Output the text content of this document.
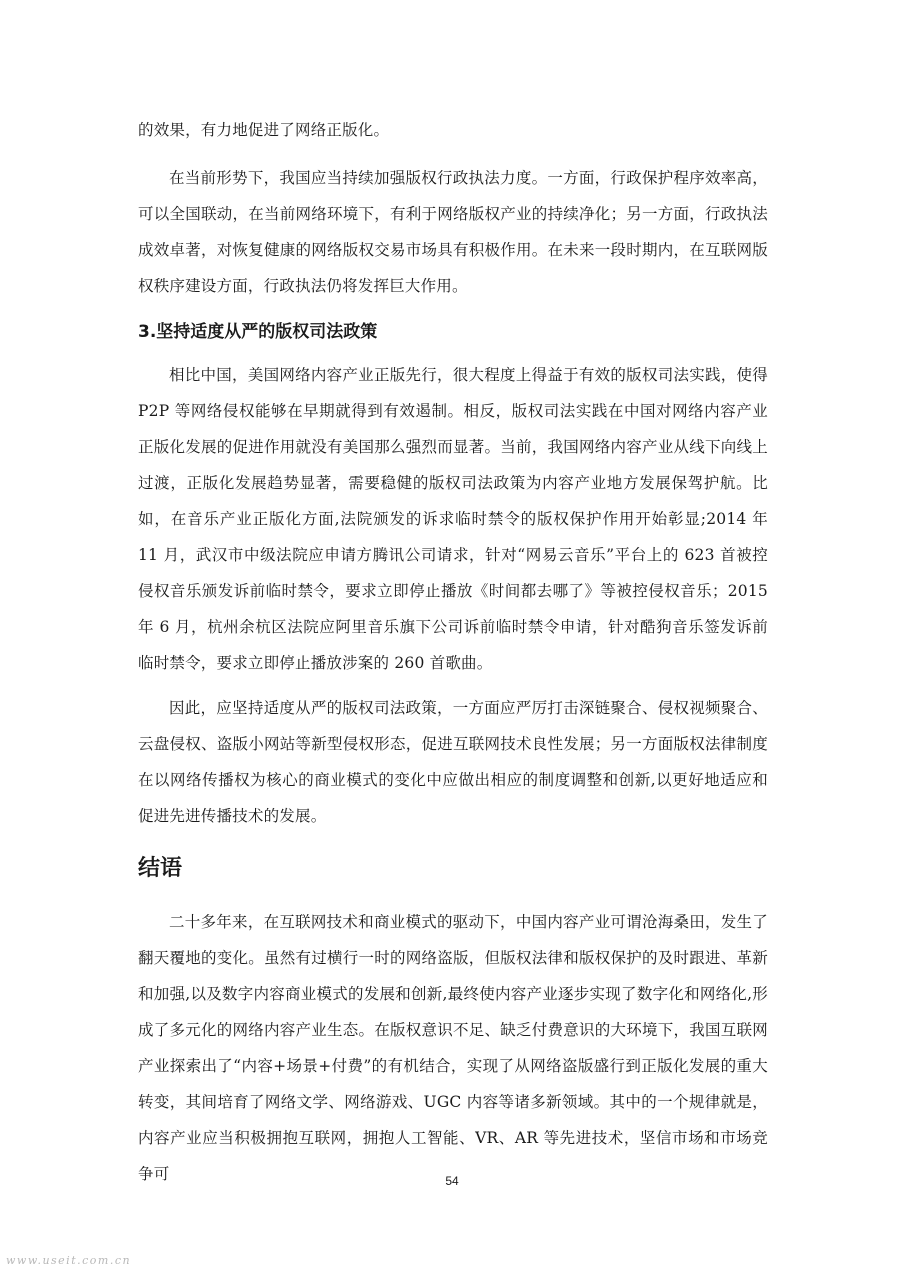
的效果，有力地促进了网络正版化。

在当前形势下，我国应当持续加强版权行政执法力度。一方面，行政保护程序效率高，可以全国联动，在当前网络环境下，有利于网络版权产业的持续净化；另一方面，行政执法成效卓著，对恢复健康的网络版权交易市场具有积极作用。在未来一段时期内，在互联网版权秩序建设方面，行政执法仍将发挥巨大作用。

3.坚持适度从严的版权司法政策

相比中国，美国网络内容产业正版先行，很大程度上得益于有效的版权司法实践，使得P2P 等网络侵权能够在早期就得到有效遏制。相反，版权司法实践在中国对网络内容产业正版化发展的促进作用就没有美国那么强烈而显著。当前，我国网络内容产业从线下向线上过渡，正版化发展趋势显著，需要稳健的版权司法政策为内容产业地方发展保驾护航。比如，在音乐产业正版化方面,法院颁发的诉求临时禁令的版权保护作用开始彰显;2014 年 11 月，武汉市中级法院应申请方腾讯公司请求，针对“网易云音乐”平台上的 623 首被控侵权音乐颁发诉前临时禁令，要求立即停止播放《时间都去哪了》等被控侵权音乐；2015 年 6 月，杭州余杭区法院应阿里音乐旗下公司诉前临时禁令申请，针对酷狗音乐签发诉前临时禁令，要求立即停止播放涉案的 260 首歌曲。

因此，应坚持适度从严的版权司法政策，一方面应严厉打击深链聚合、侵权视频聚合、云盘侵权、盗版小网站等新型侵权形态，促进互联网技术良性发展；另一方面版权法律制度在以网络传播权为核心的商业模式的变化中应做出相应的制度调整和创新,以更好地适应和促进先进传播技术的发展。

结语

二十多年来，在互联网技术和商业模式的驱动下，中国内容产业可谓沧海桑田，发生了翻天覆地的变化。虽然有过横行一时的网络盗版，但版权法律和版权保护的及时跟进、革新和加强,以及数字内容商业模式的发展和创新,最终使内容产业逐步实现了数字化和网络化,形成了多元化的网络内容产业生态。在版权意识不足、缺乏付费意识的大环境下，我国互联网产业探索出了“内容+场景+付费”的有机结合，实现了从网络盗版盛行到正版化发展的重大转变，其间培育了网络文学、网络游戏、UGC 内容等诸多新领域。其中的一个规律就是，内容产业应当积极拥抱互联网，拥抱人工智能、VR、AR 等先进技术，坚信市场和市场竞争可	54
www.useit.com.cn
